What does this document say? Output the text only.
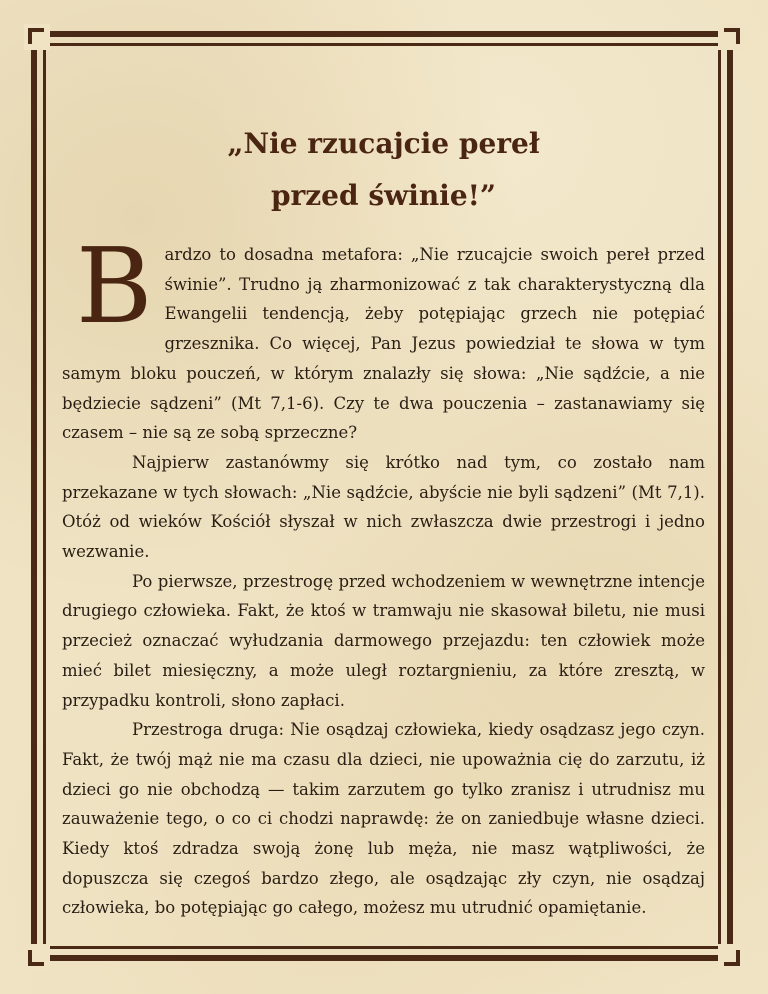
„Nie rzucajcie pereł
przed świnie!”

Bardzo to dosadna metafora: „Nie rzucajcie swoich pereł przed świnie”. Trudno ją zharmonizować z tak charakterystyczną dla Ewangelii tendencją, żeby potępiając grzech nie potępiać grzesznika. Co więcej, Pan Jezus powiedział te słowa w tym samym bloku pouczeń, w którym znalazły się słowa: „Nie sądźcie, a nie będziecie sądzeni” (Mt 7,1-6). Czy te dwa pouczenia – zastanawiamy się czasem – nie są ze sobą sprzeczne?

Najpierw zastanówmy się krótko nad tym, co zostało nam przekazane w tych słowach: „Nie sądźcie, abyście nie byli sądzeni” (Mt 7,1). Otóż od wieków Kościół słyszał w nich zwłaszcza dwie przestrogi i jedno wezwanie.

Po pierwsze, przestrogę przed wchodzeniem w wewnętrzne intencje drugiego człowieka. Fakt, że ktoś w tramwaju nie skasował biletu, nie musi przecież oznaczać wyłudzania darmowego przejazdu: ten człowiek może mieć bilet miesięczny, a może uległ roztargnieniu, za które zresztą, w przypadku kontroli, słono zapłaci.

Przestroga druga: Nie osądzaj człowieka, kiedy osądzasz jego czyn. Fakt, że twój mąż nie ma czasu dla dzieci, nie upoważnia cię do zarzutu, iż dzieci go nie obchodzą — takim zarzutem go tylko zranisz i utrudnisz mu zauważenie tego, o co ci chodzi naprawdę: że on zaniedbuje własne dzieci. Kiedy ktoś zdradza swoją żonę lub męża, nie masz wątpliwości, że dopuszcza się czegoś bardzo złego, ale osądzając zły czyn, nie osądzaj człowieka, bo potępiając go całego, możesz mu utrudnić opamiętanie.
